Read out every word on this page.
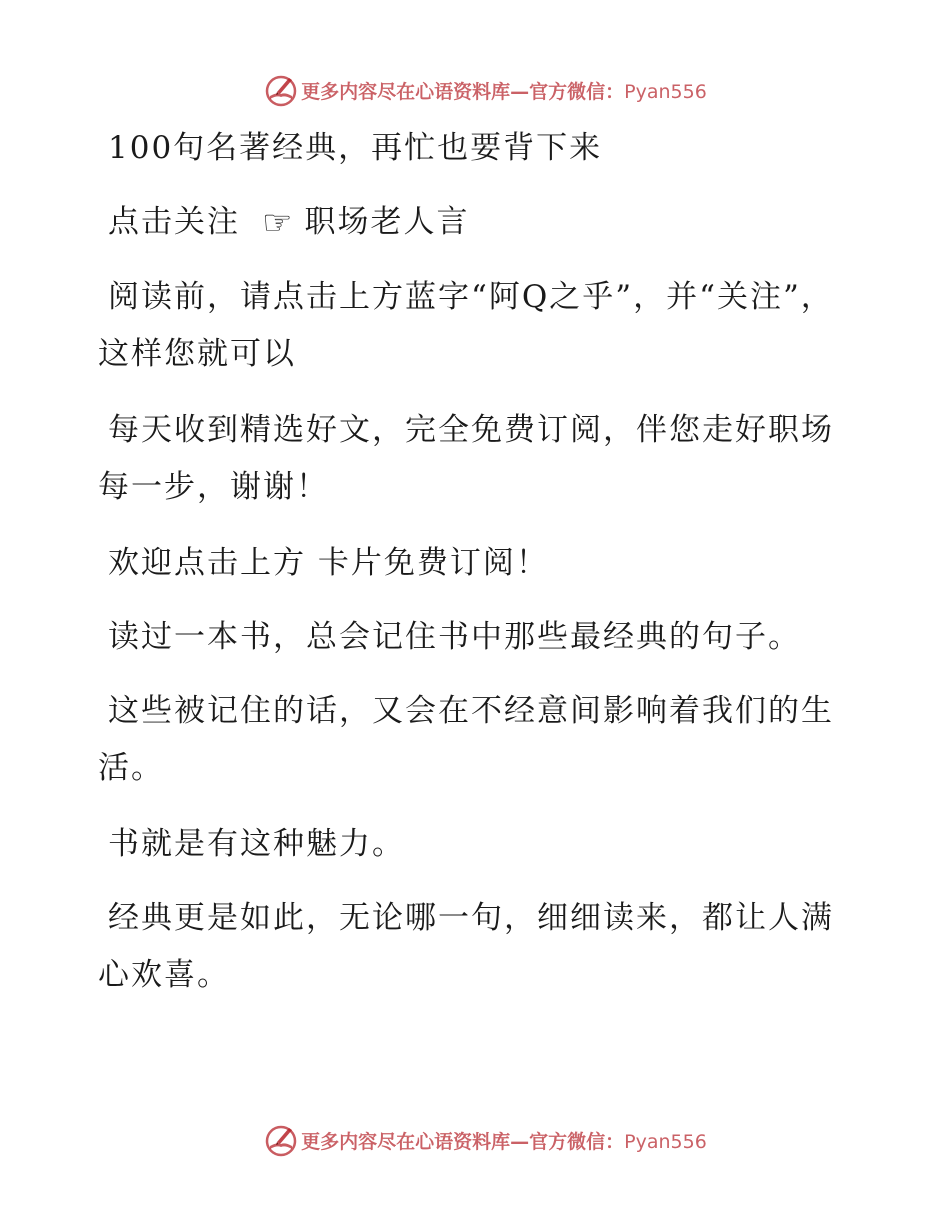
更多内容尽在心语资料库—官方微信：Pyan556

100句名著经典，再忙也要背下来

点击关注 ☞ 职场老人言

阅读前，请点击上方蓝字“阿Q之乎”，并“关注”，这样您就可以

每天收到精选好文，完全免费订阅，伴您走好职场每一步，谢谢！

欢迎点击上方 卡片免费订阅！

读过一本书，总会记住书中那些最经典的句子。

这些被记住的话，又会在不经意间影响着我们的生活。

书就是有这种魅力。

经典更是如此，无论哪一句，细细读来，都让人满心欢喜。

更多内容尽在心语资料库—官方微信：Pyan556
